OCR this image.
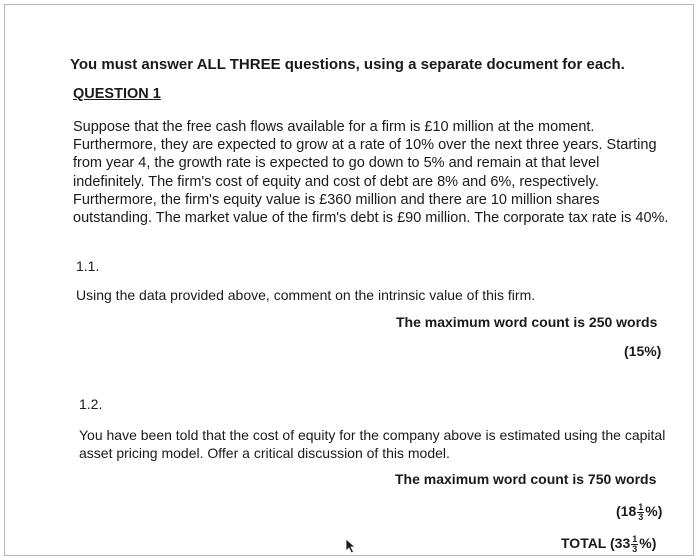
You must answer ALL THREE questions, using a separate document for each.
QUESTION 1
Suppose that the free cash flows available for a firm is £10 million at the moment. Furthermore, they are expected to grow at a rate of 10% over the next three years. Starting from year 4, the growth rate is expected to go down to 5% and remain at that level indefinitely. The firm's cost of equity and cost of debt are 8% and 6%, respectively. Furthermore, the firm's equity value is £360 million and there are 10 million shares outstanding. The market value of the firm's debt is £90 million. The corporate tax rate is 40%.
1.1.
Using the data provided above, comment on the intrinsic value of this firm.
The maximum word count is 250 words
(15%)
1.2.
You have been told that the cost of equity for the company above is estimated using the capital asset pricing model. Offer a critical discussion of this model.
The maximum word count is 750 words
($18 \frac{1}{3}$ %)
TOTAL ($33 \frac{1}{3}$ %)
